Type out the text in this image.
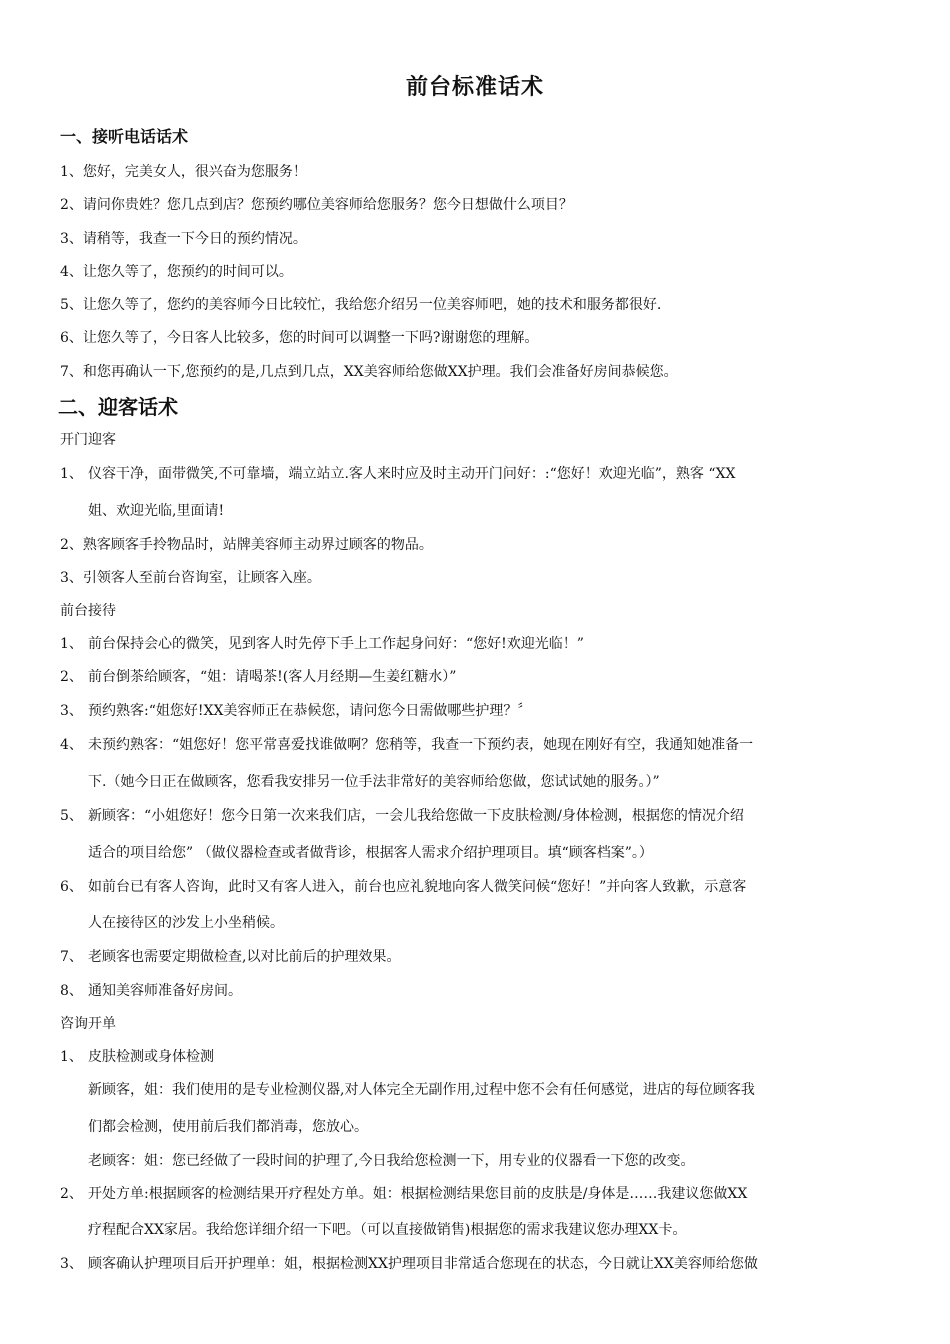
前台标准话术
一、接听电话话术
1、您好，完美女人，很兴奋为您服务！
2、请问你贵姓？您几点到店？您预约哪位美容师给您服务？您今日想做什么项目？
3、请稍等，我查一下今日的预约情况。
4、让您久等了，您预约的时间可以。
5、让您久等了，您约的美容师今日比较忙，我给您介绍另一位美容师吧，她的技术和服务都很好.
6、让您久等了，今日客人比较多，您的时间可以调整一下吗?谢谢您的理解。
7、和您再确认一下,您预约的是,几点到几点，XX美容师给您做XX护理。我们会准备好房间恭候您。
二、迎客话术
开门迎客
1、 仪容干净，面带微笑,不可靠墙，端立站立.客人来时应及时主动开门问好：:“您好！欢迎光临”，熟客 “XX
姐、欢迎光临,里面请!
2、熟客顾客手拎物品时，站牌美容师主动界过顾客的物品。
3、引领客人至前台咨询室，让顾客入座。
前台接待
1、 前台保持会心的微笑，见到客人时先停下手上工作起身问好：“您好!欢迎光临！”
2、 前台倒茶给顾客，“姐：请喝茶!(客人月经期—生姜红糖水）”
3、 预约熟客:“姐您好!XX美容师正在恭候您，请问您今日需做哪些护理？〞
4、 未预约熟客：“姐您好！您平常喜爱找谁做啊？您稍等，我查一下预约表，她现在刚好有空，我通知她准备一
下.（她今日正在做顾客，您看我安排另一位手法非常好的美容师给您做，您试试她的服务。）”
5、 新顾客：“小姐您好！您今日第一次来我们店，一会儿我给您做一下皮肤检测/身体检测，根据您的情况介绍
适合的项目给您” （做仪器检查或者做背诊，根据客人需求介绍护理项目。填“顾客档案”。）
6、 如前台已有客人咨询，此时又有客人进入，前台也应礼貌地向客人微笑问候“您好！”并向客人致歉，示意客
人在接待区的沙发上小坐稍候。
7、 老顾客也需要定期做检查,以对比前后的护理效果。
8、 通知美容师准备好房间。
咨询开单
1、 皮肤检测或身体检测
新顾客，姐：我们使用的是专业检测仪器,对人体完全无副作用,过程中您不会有任何感觉，进店的每位顾客我
们都会检测，使用前后我们都消毒，您放心。
老顾客：姐：您已经做了一段时间的护理了,今日我给您检测一下，用专业的仪器看一下您的改变。
2、 开处方单:根据顾客的检测结果开疗程处方单。姐：根据检测结果您目前的皮肤是/身体是……我建议您做XX
疗程配合XX家居。我给您详细介绍一下吧。（可以直接做销售)根据您的需求我建议您办理XX卡。
3、 顾客确认护理项目后开护理单：姐，根据检测XX护理项目非常适合您现在的状态，今日就让XX美容师给您做
